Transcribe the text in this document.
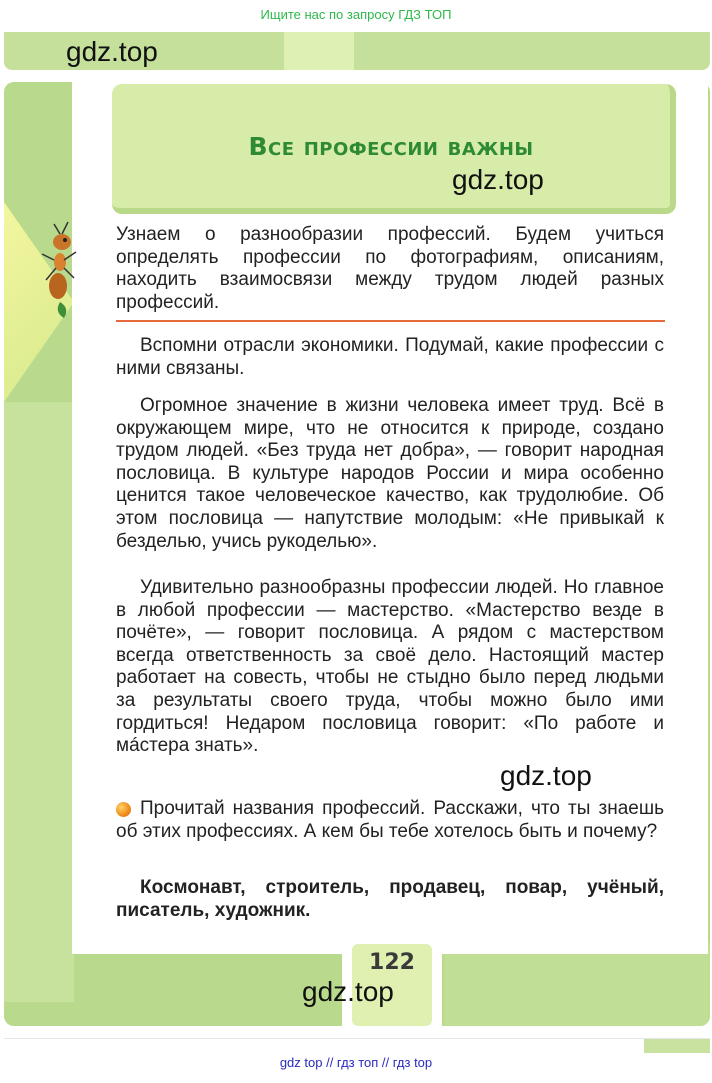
Ищите нас по запросу ГДЗ ТОП
gdz.top
Все профессии важны
gdz.top
Узнаем о разнообразии профессий. Будем учиться определять профессии по фотографиям, описаниям, находить взаимосвязи между трудом людей разных профессий.
Вспомни отрасли экономики. Подумай, какие профессии с ними связаны.
Огромное значение в жизни человека имеет труд. Всё в окружающем мире, что не относится к природе, создано трудом людей. «Без труда нет добра», — говорит народная пословица. В культуре народов России и мира особенно ценится такое человеческое качество, как трудолюбие. Об этом пословица — напутствие молодым: «Не привыкай к безделью, учись рукоделью».
Удивительно разнообразны профессии людей. Но главное в любой профессии — мастерство. «Мастерство везде в почёте», — говорит пословица. А рядом с мастерством всегда ответственность за своё дело. Настоящий мастер работает на совесть, чтобы не стыдно было перед людьми за результаты своего труда, чтобы можно было ими гордиться! Недаром пословица говорит: «По работе и мáстера знать».
gdz.top
Прочитай названия профессий. Расскажи, что ты знаешь об этих профессиях. А кем бы тебе хотелось быть и почему?
Космонавт, строитель, продавец, повар, учёный, писатель, художник.
122
gdz.top
gdz top // гдз топ // гдз top
